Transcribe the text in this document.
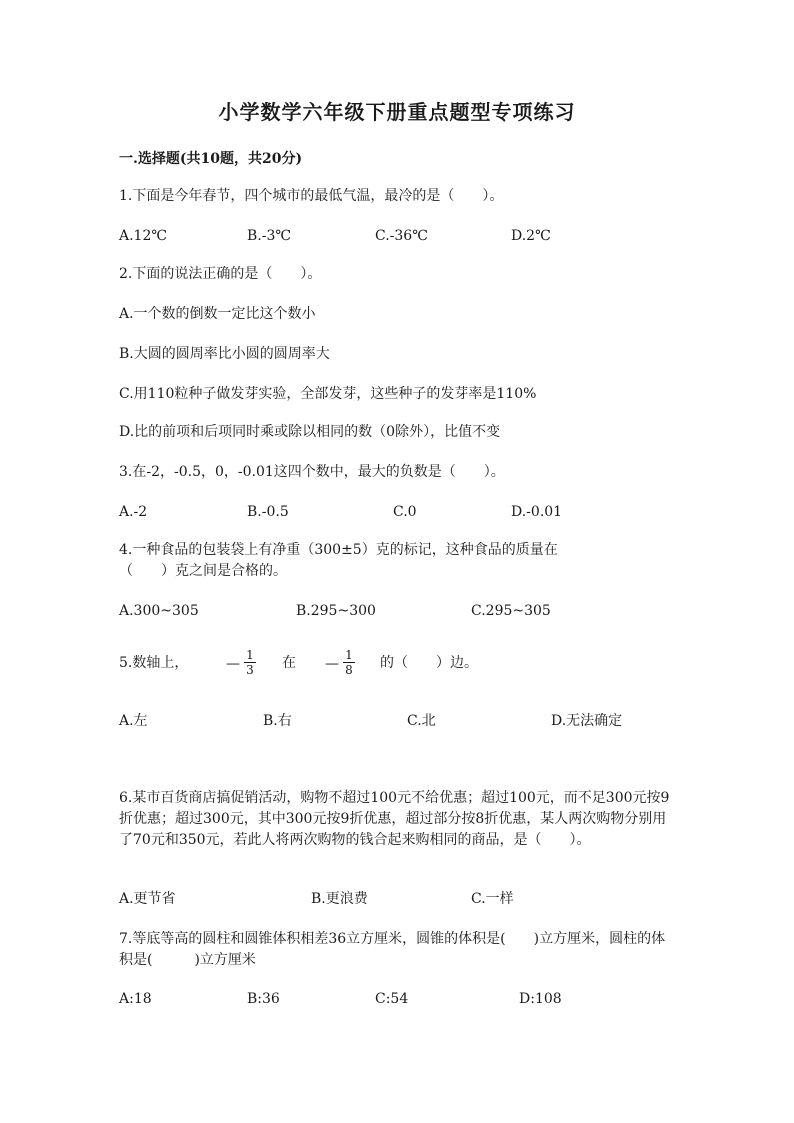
小学数学六年级下册重点题型专项练习
一.选择题(共10题，共20分)
1.下面是今年春节，四个城市的最低气温，最冷的是（　　）。
A.12℃	B.-3℃	C.-36℃	D.2℃
2.下面的说法正确的是（　　）。
A.一个数的倒数一定比这个数小
B.大圆的圆周率比小圆的圆周率大
C.用110粒种子做发芽实验，全部发芽，这些种子的发芽率是110%
D.比的前项和后项同时乘或除以相同的数（0除外），比值不变
3.在-2，-0.5，0，-0.01这四个数中，最大的负数是（　　）。
A.-2	B.-0.5	C.0	D.-0.01
4.一种食品的包装袋上有净重（300±5）克的标记，这种食品的质量在
（　　）克之间是合格的。
A.300~305	B.295~300	C.295~305
5.数轴上，	—
1
3 在 —
1
8 的（　　）边。
A.左	B.右	C.北	D.无法确定
6.某市百货商店搞促销活动，购物不超过100元不给优惠；超过100元，而不足300元按9折优惠；超过300元，其中300元按9折优惠，超过部分按8折优惠，某人两次购物分别用了70元和350元，若此人将两次购物的钱合起来购相同的商品，是（　　）。
A.更节省	B.更浪费	C.一样
7.等底等高的圆柱和圆锥体积相差36立方厘米，圆锥的体积是(　　)立方厘米，圆柱的体积是(　　　)立方厘米
A:18	B:36	C:54	D:108
